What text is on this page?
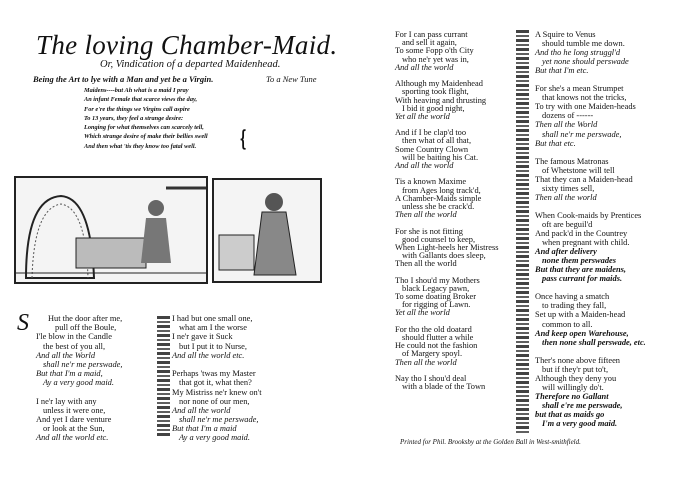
The loving Chamber-Maid.
Or, Vindication of a departed Maidenhead.
Being the Art to lye with a Man and yet be a Virgin.	To a New Tune
Maidens----but Ah what is a maid I pray
An infant Female that scarce views the day,
For e're the things we Virgins call aspire
To 13 years, they feel a strange desire:
Longing for what themselves can scarcely tell,
Which strange desire of make their bellies swell
And then what 'tis they know too fatal well.	❴
S	Hut the door after me,
pull off the Boule,
I'le blow in the Candle
the best of you all,
And all the World
shall ne'r me perswade,
But that I'm a maid,
Ay a very good maid.
I ne'r lay with any
unless it were one,
And yet I dare venture
or look at the Sun,
And all the world etc.
I had but one small one,
what am I the worse
I ne'r gave it Suck
but I put it to Nurse,
And all the world etc.
Perhaps 'twas my Master
that got it, what then?
My Mistriss ne'r knew on't
nor none of our men,
And all the world
shall ne'r me perswade,
But that I'm a maid
Ay a very good maid.
For I can pass currant
and sell it again,
To some Fopp o'th City
who ne'r yet was in,
And all the world
Although my Maidenhead
sporting took flight,
With heaving and thrusting
I bid it good night,
Yet all the world
And if I be clap'd too
then what of all that,
Some Country Clown
will be baiting his Cat.
And all the world
Tis a known Maxime
from Ages long track'd,
A Chamber-Maids simple
unless she be crack'd.
Then all the world
For she is not fitting
good counsel to keep,
When Light-heels her Mistress
with Gallants does sleep,
Then all the world
Tho I shou'd my Mothers
black Legacy pawn,
To some doating Broker
for rigging of Lawn.
Yet all the world
For tho the old doatard
should flutter a while
He could not the fashion
of Margery spoyl.
Then all the world
Nay tho I shou'd deal
with a blade of the Town
A Squire to Venus
should tumble me down.
And tho he long struggl'd
yet none should perswade
But that I'm etc.
For she's a mean Strumpet
that knows not the tricks,
To try with one Maiden-heads
dozens of ------
Then all the World
shall ne'r me perswade,
But that etc.
The famous Matronas
of Whetstone will tell
That they can a Maiden-head
sixty times sell,
Then all the world
When Cook-maids by Prentices
oft are beguil'd
And pack'd in the Countrey
when pregnant with child.
And after delivery
none them perswades
But that they are maidens,
pass currant for maids.
Once having a smatch
to trading they fall,
Set up with a Maiden-head
common to all.
And keep open Warehouse,
then none shall perswade, etc.
Ther's none above fifteen
but if they'r put to't,
Although they deny you
will willingly do't.
Therefore no Gallant
shall e're me perswade,
but that as maids go
I'm a very good maid.
Printed for Phil. Brooksby at the Golden Ball in West-smithfield.
